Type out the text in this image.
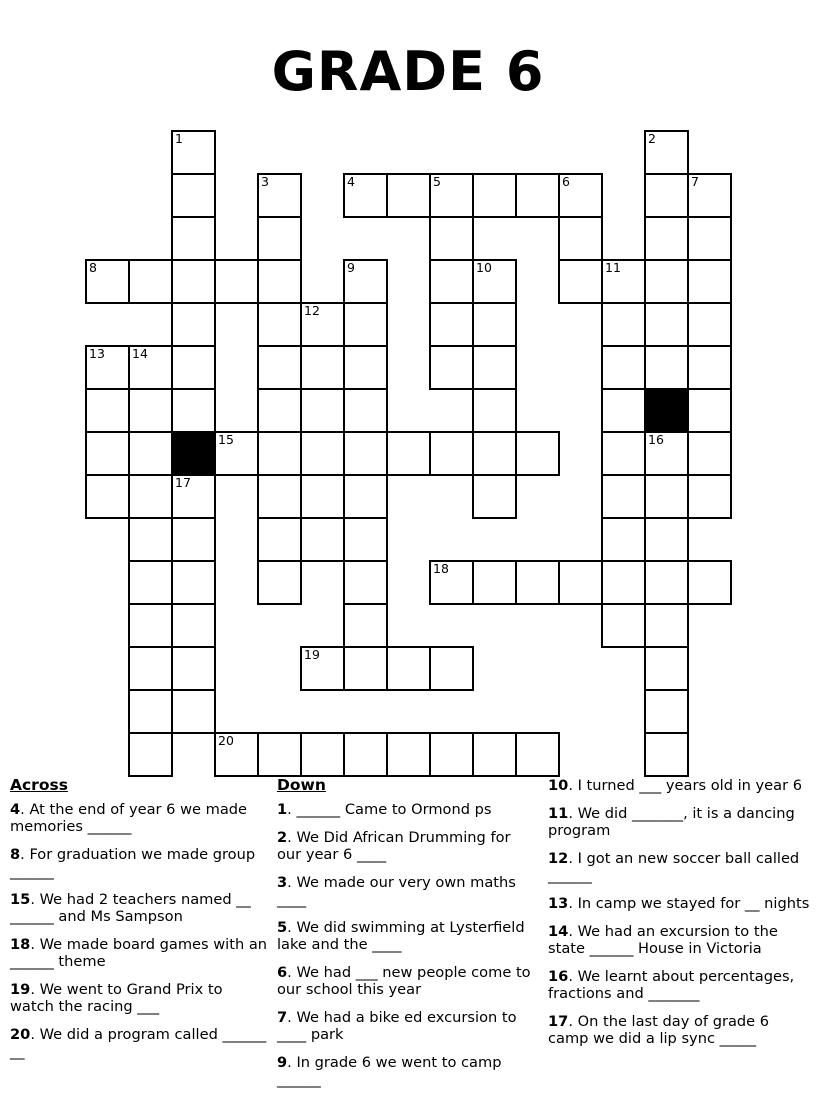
GRADE 6
1	2
3	4	5	6	7
8	9	10	11
12
13 14
15	16
17
18
19
20

Across

4. At the end of year 6 we made memories ______

8. For graduation we made group ______

15. We had 2 teachers named __ ______ and Ms Sampson

18. We made board games with an ______ theme

19. We went to Grand Prix to watch the racing ___

20. We did a program called ______ __

Down

1. ______ Came to Ormond ps

2. We Did African Drumming for our year 6 ____

3. We made our very own maths ____

5. We did swimming at Lysterfield lake and the ____

6. We had ___ new people come to our school this year

7. We had a bike ed excursion to ____ park

9. In grade 6 we went to camp ______

10. I turned ___ years old in year 6

11. We did _______, it is a dancing program

12. I got an new soccer ball called ______

13. In camp we stayed for __ nights

14. We had an excursion to the state ______ House in Victoria

16. We learnt about percentages, fractions and _______

17. On the last day of grade 6 camp we did a lip sync _____
